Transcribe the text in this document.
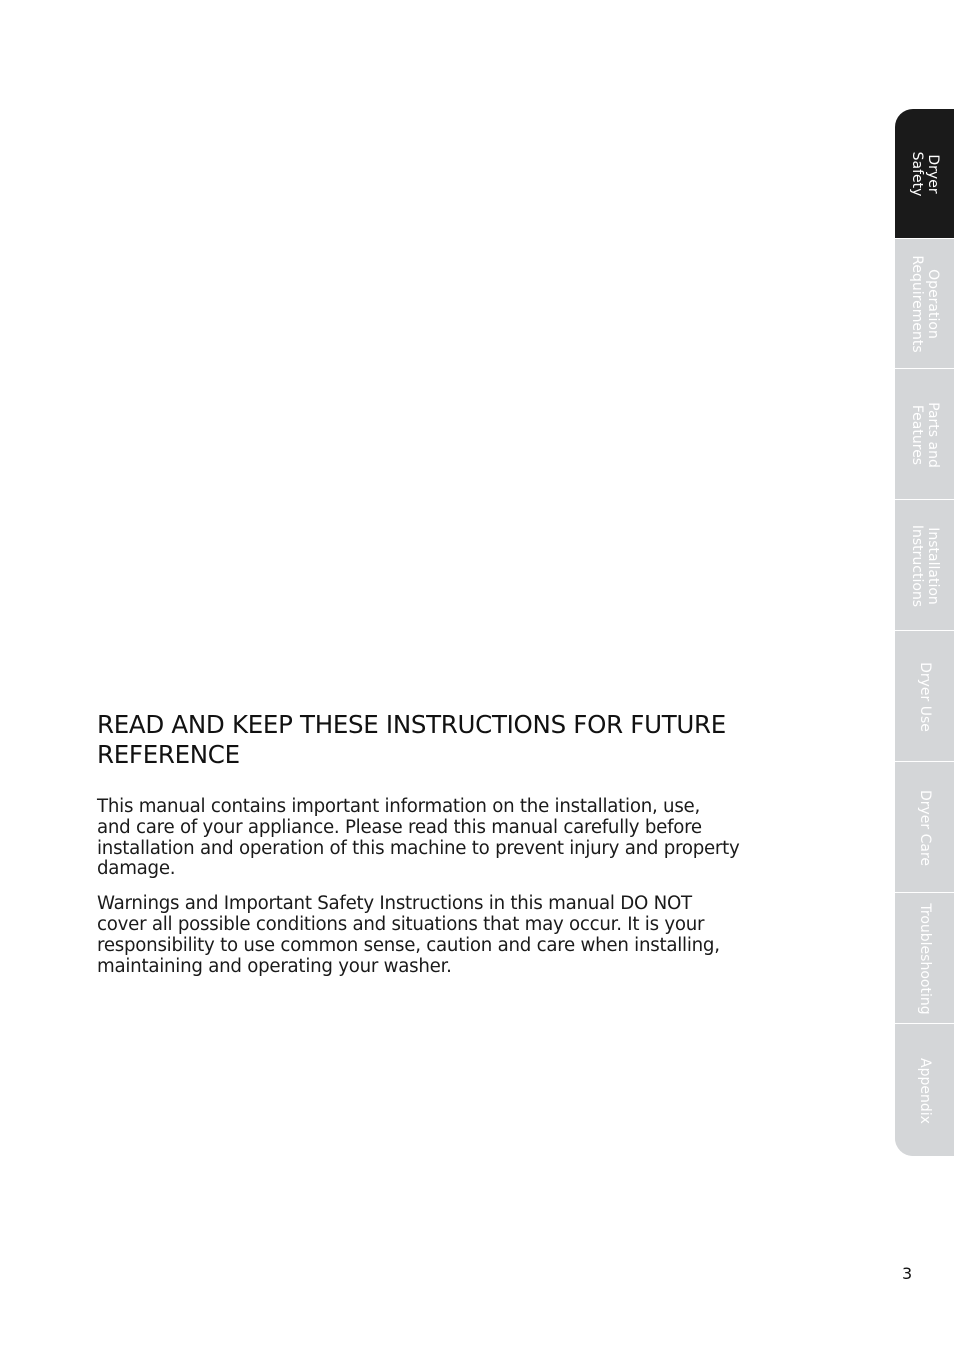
READ AND KEEP THESE INSTRUCTIONS FOR FUTURE
REFERENCE

This manual contains important information on the installation, use,
and care of your appliance. Please read this manual carefully before
installation and operation of this machine to prevent injury and property
damage.

Warnings and Important Safety Instructions in this manual DO NOT
cover all possible conditions and situations that may occur. It is your
responsibility to use common sense, caution and care when installing,
maintaining and operating your washer.

Dryer
Safety
Operation
Requirements
Parts and
Features
Installation
Instructions
Dryer Use
Dryer Care
Troubleshooting
Appendix
3
